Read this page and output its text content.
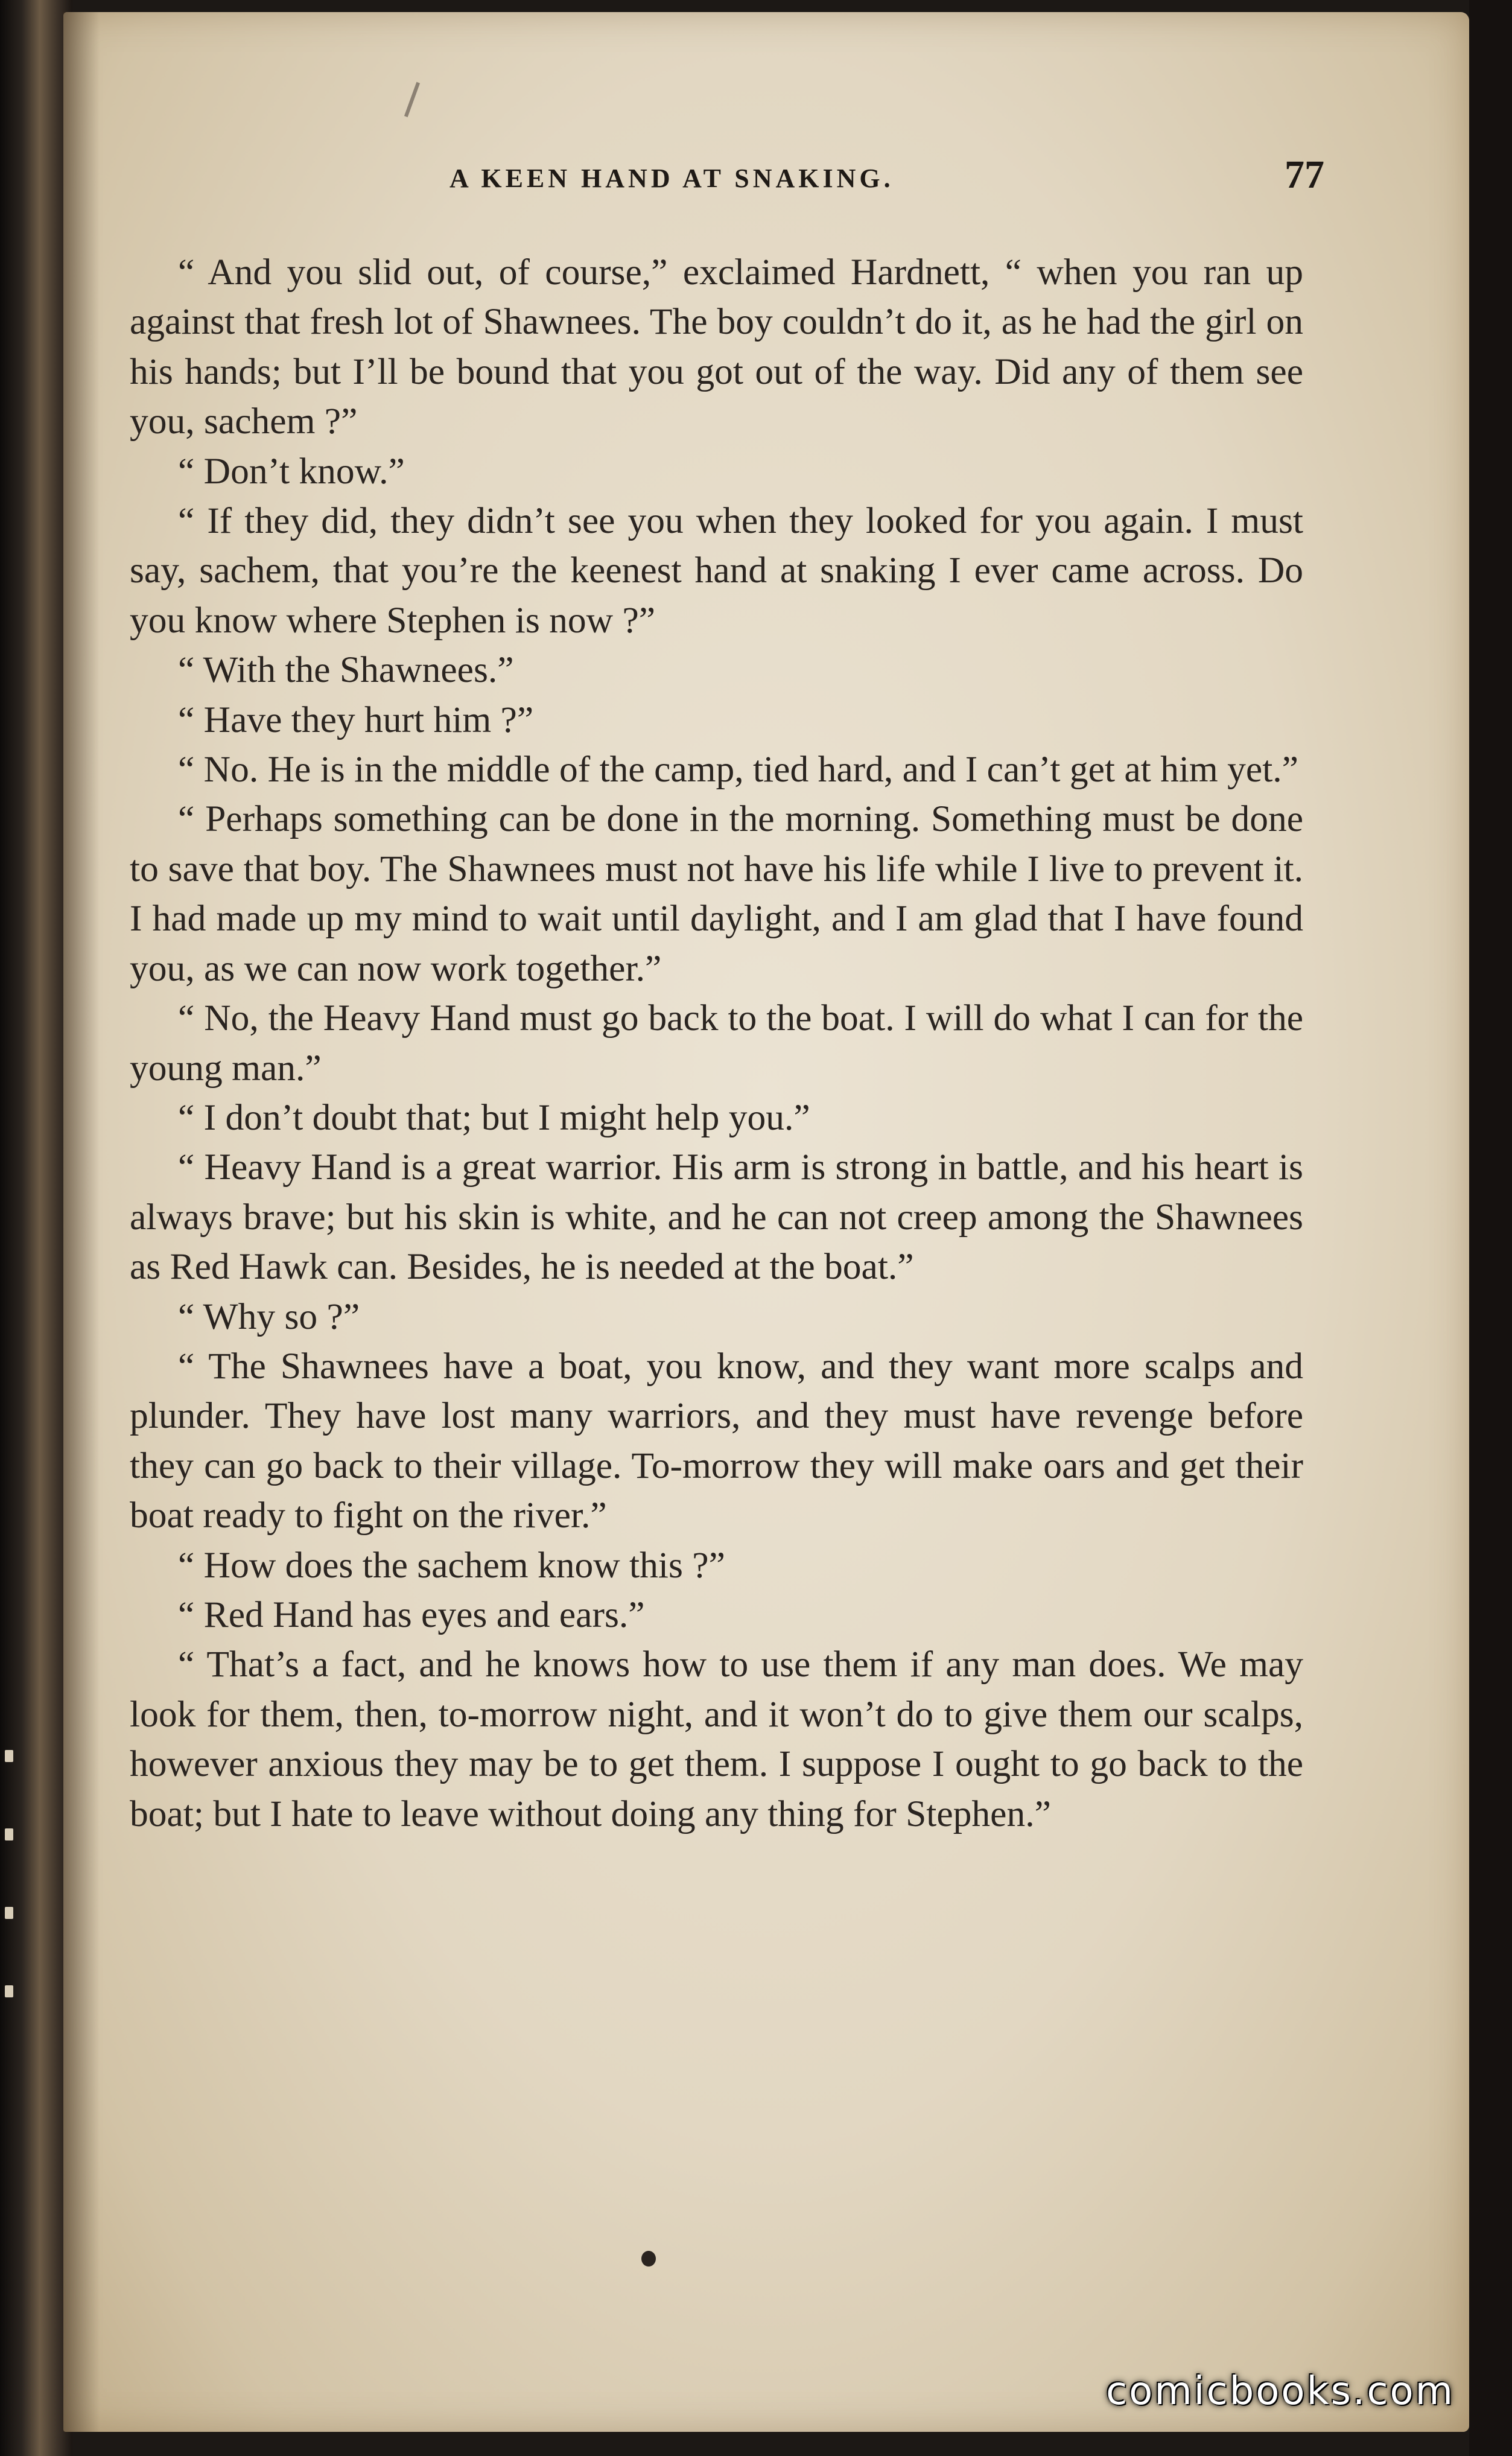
A KEEN HAND AT SNAKING.	77

“ And you slid out, of course,” exclaimed Hardnett, “ when you ran up against that fresh lot of Shawnees. The boy couldn’t do it, as he had the girl on his hands; but I’ll be bound that you got out of the way. Did any of them see you, sachem ?”

“ Don’t know.”

“ If they did, they didn’t see you when they looked for you again. I must say, sachem, that you’re the keenest hand at snaking I ever came across. Do you know where Stephen is now ?”

“ With the Shawnees.”

“ Have they hurt him ?”

“ No. He is in the middle of the camp, tied hard, and I can’t get at him yet.”

“ Perhaps something can be done in the morning. Something must be done to save that boy. The Shawnees must not have his life while I live to prevent it. I had made up my mind to wait until daylight, and I am glad that I have found you, as we can now work together.”

“ No, the Heavy Hand must go back to the boat. I will do what I can for the young man.”

“ I don’t doubt that; but I might help you.”

“ Heavy Hand is a great warrior. His arm is strong in battle, and his heart is always brave; but his skin is white, and he can not creep among the Shawnees as Red Hawk can. Besides, he is needed at the boat.”

“ Why so ?”

“ The Shawnees have a boat, you know, and they want more scalps and plunder. They have lost many warriors, and they must have revenge before they can go back to their village. To-morrow they will make oars and get their boat ready to fight on the river.”

“ How does the sachem know this ?”

“ Red Hand has eyes and ears.”

“ That’s a fact, and he knows how to use them if any man does. We may look for them, then, to-morrow night, and it won’t do to give them our scalps, however anxious they may be to get them. I suppose I ought to go back to the boat; but I hate to leave without doing any thing for Stephen.”

comicbooks.com
